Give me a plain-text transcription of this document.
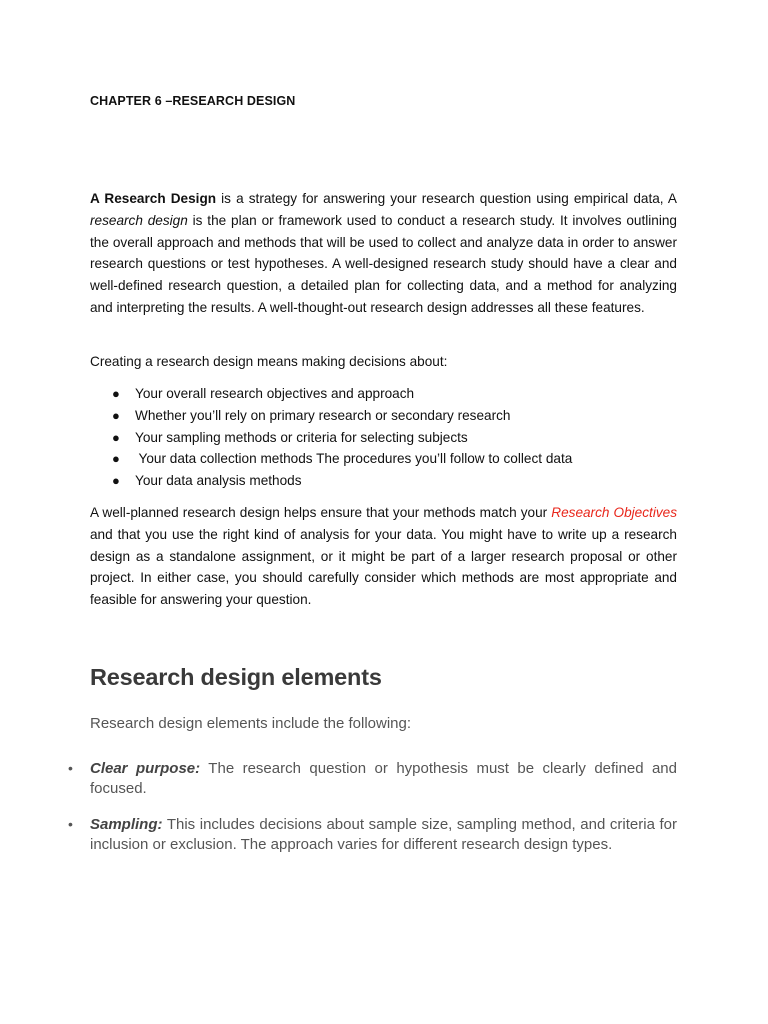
CHAPTER 6 –RESEARCH DESIGN

A Research Design is a strategy for answering your research question using empirical data, A research design is the plan or framework used to conduct a research study. It involves outlining the overall approach and methods that will be used to collect and analyze data in order to answer research questions or test hypotheses. A well-designed research study should have a clear and well-defined research question, a detailed plan for collecting data, and a method for analyzing and interpreting the results. A well-thought-out research design addresses all these features.

Creating a research design means making decisions about:

● Your overall research objectives and approach
● Whether you’ll rely on primary research or secondary research
● Your sampling methods or criteria for selecting subjects
● Your data collection methods The procedures you’ll follow to collect data
● Your data analysis methods

A well-planned research design helps ensure that your methods match your Research Objectives and that you use the right kind of analysis for your data. You might have to write up a research design as a standalone assignment, or it might be part of a larger research proposal or other project. In either case, you should carefully consider which methods are most appropriate and feasible for answering your question.

Research design elements

Research design elements include the following:

• Clear purpose: The research question or hypothesis must be clearly defined and focused.
• Sampling: This includes decisions about sample size, sampling method, and criteria for inclusion or exclusion. The approach varies for different research design types.
